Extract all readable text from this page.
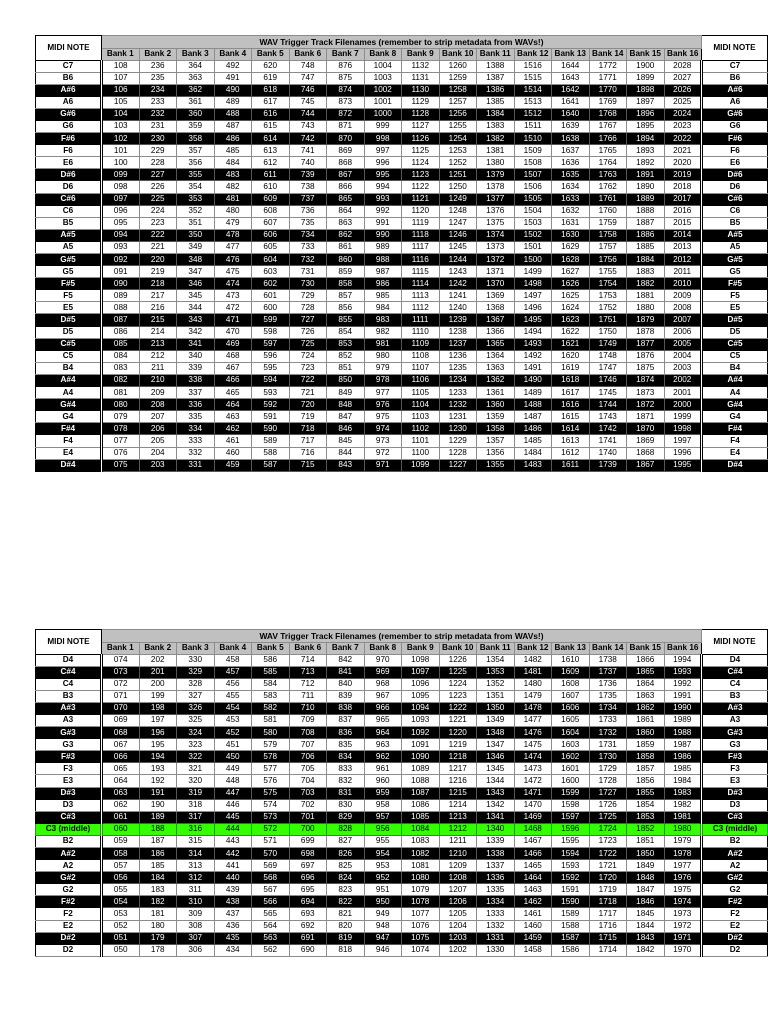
MIDI NOTE	WAV Trigger Track Filenames (remember to strip metadata from WAVs!)																MIDI NOTE
	Bank 1	Bank 2	Bank 3	Bank 4	Bank 5	Bank 6	Bank 7	Bank 8	Bank 9	Bank 10	Bank 11	Bank 12	Bank 13	Bank 14	Bank 15	Bank 16	
C7	108	236	364	492	620	748	876	1004	1132	1260	1388	1516	1644	1772	1900	2028	C7
B6	107	235	363	491	619	747	875	1003	1131	1259	1387	1515	1643	1771	1899	2027	B6
A#6	106	234	362	490	618	746	874	1002	1130	1258	1386	1514	1642	1770	1898	2026	A#6
A6	105	233	361	489	617	745	873	1001	1129	1257	1385	1513	1641	1769	1897	2025	A6
G#6	104	232	360	488	616	744	872	1000	1128	1256	1384	1512	1640	1768	1896	2024	G#6
G6	103	231	359	487	615	743	871	999	1127	1255	1383	1511	1639	1767	1895	2023	G6
F#6	102	230	358	486	614	742	870	998	1126	1254	1382	1510	1638	1766	1894	2022	F#6
F6	101	229	357	485	613	741	869	997	1125	1253	1381	1509	1637	1765	1893	2021	F6
E6	100	228	356	484	612	740	868	996	1124	1252	1380	1508	1636	1764	1892	2020	E6
D#6	099	227	355	483	611	739	867	995	1123	1251	1379	1507	1635	1763	1891	2019	D#6
D6	098	226	354	482	610	738	866	994	1122	1250	1378	1506	1634	1762	1890	2018	D6
C#6	097	225	353	481	609	737	865	993	1121	1249	1377	1505	1633	1761	1889	2017	C#6
C6	096	224	352	480	608	736	864	992	1120	1248	1376	1504	1632	1760	1888	2016	C6
B5	095	223	351	479	607	735	863	991	1119	1247	1375	1503	1631	1759	1887	2015	B5
A#5	094	222	350	478	606	734	862	990	1118	1246	1374	1502	1630	1758	1886	2014	A#5
A5	093	221	349	477	605	733	861	989	1117	1245	1373	1501	1629	1757	1885	2013	A5
G#5	092	220	348	476	604	732	860	988	1116	1244	1372	1500	1628	1756	1884	2012	G#5
G5	091	219	347	475	603	731	859	987	1115	1243	1371	1499	1627	1755	1883	2011	G5
F#5	090	218	346	474	602	730	858	986	1114	1242	1370	1498	1626	1754	1882	2010	F#5
F5	089	217	345	473	601	729	857	985	1113	1241	1369	1497	1625	1753	1881	2009	F5
E5	088	216	344	472	600	728	856	984	1112	1240	1368	1496	1624	1752	1880	2008	E5
D#5	087	215	343	471	599	727	855	983	1111	1239	1367	1495	1623	1751	1879	2007	D#5
D5	086	214	342	470	598	726	854	982	1110	1238	1366	1494	1622	1750	1878	2006	D5
C#5	085	213	341	469	597	725	853	981	1109	1237	1365	1493	1621	1749	1877	2005	C#5
C5	084	212	340	468	596	724	852	980	1108	1236	1364	1492	1620	1748	1876	2004	C5
B4	083	211	339	467	595	723	851	979	1107	1235	1363	1491	1619	1747	1875	2003	B4
A#4	082	210	338	466	594	722	850	978	1106	1234	1362	1490	1618	1746	1874	2002	A#4
A4	081	209	337	465	593	721	849	977	1105	1233	1361	1489	1617	1745	1873	2001	A4
G#4	080	208	336	464	592	720	848	976	1104	1232	1360	1488	1616	1744	1872	2000	G#4
G4	079	207	335	463	591	719	847	975	1103	1231	1359	1487	1615	1743	1871	1999	G4
F#4	078	206	334	462	590	718	846	974	1102	1230	1358	1486	1614	1742	1870	1998	F#4
F4	077	205	333	461	589	717	845	973	1101	1229	1357	1485	1613	1741	1869	1997	F4
E4	076	204	332	460	588	716	844	972	1100	1228	1356	1484	1612	1740	1868	1996	E4
D#4	075	203	331	459	587	715	843	971	1099	1227	1355	1483	1611	1739	1867	1995	D#4
MIDI NOTE	WAV Trigger Track Filenames (remember to strip metadata from WAVs!)																MIDI NOTE
	Bank 1	Bank 2	Bank 3	Bank 4	Bank 5	Bank 6	Bank 7	Bank 8	Bank 9	Bank 10	Bank 11	Bank 12	Bank 13	Bank 14	Bank 15	Bank 16	
D4	074	202	330	458	586	714	842	970	1098	1226	1354	1482	1610	1738	1866	1994	D4
C#4	073	201	329	457	585	713	841	969	1097	1225	1353	1481	1609	1737	1865	1993	C#4
C4	072	200	328	456	584	712	840	968	1096	1224	1352	1480	1608	1736	1864	1992	C4
B3	071	199	327	455	583	711	839	967	1095	1223	1351	1479	1607	1735	1863	1991	B3
A#3	070	198	326	454	582	710	838	966	1094	1222	1350	1478	1606	1734	1862	1990	A#3
A3	069	197	325	453	581	709	837	965	1093	1221	1349	1477	1605	1733	1861	1989	A3
G#3	068	196	324	452	580	708	836	964	1092	1220	1348	1476	1604	1732	1860	1988	G#3
G3	067	195	323	451	579	707	835	963	1091	1219	1347	1475	1603	1731	1859	1987	G3
F#3	066	194	322	450	578	706	834	962	1090	1218	1346	1474	1602	1730	1858	1986	F#3
F3	065	193	321	449	577	705	833	961	1089	1217	1345	1473	1601	1729	1857	1985	F3
E3	064	192	320	448	576	704	832	960	1088	1216	1344	1472	1600	1728	1856	1984	E3
D#3	063	191	319	447	575	703	831	959	1087	1215	1343	1471	1599	1727	1855	1983	D#3
D3	062	190	318	446	574	702	830	958	1086	1214	1342	1470	1598	1726	1854	1982	D3
C#3	061	189	317	445	573	701	829	957	1085	1213	1341	1469	1597	1725	1853	1981	C#3
C3 (middle)	060	188	316	444	572	700	828	956	1084	1212	1340	1468	1596	1724	1852	1980	C3 (middle)
B2	059	187	315	443	571	699	827	955	1083	1211	1339	1467	1595	1723	1851	1979	B2
A#2	058	186	314	442	570	698	826	954	1082	1210	1338	1466	1594	1722	1850	1978	A#2
A2	057	185	313	441	569	697	825	953	1081	1209	1337	1465	1593	1721	1849	1977	A2
G#2	056	184	312	440	568	696	824	952	1080	1208	1336	1464	1592	1720	1848	1976	G#2
G2	055	183	311	439	567	695	823	951	1079	1207	1335	1463	1591	1719	1847	1975	G2
F#2	054	182	310	438	566	694	822	950	1078	1206	1334	1462	1590	1718	1846	1974	F#2
F2	053	181	309	437	565	693	821	949	1077	1205	1333	1461	1589	1717	1845	1973	F2
E2	052	180	308	436	564	692	820	948	1076	1204	1332	1460	1588	1716	1844	1972	E2
D#2	051	179	307	435	563	691	819	947	1075	1203	1331	1459	1587	1715	1843	1971	D#2
D2	050	178	306	434	562	690	818	946	1074	1202	1330	1458	1586	1714	1842	1970	D2
